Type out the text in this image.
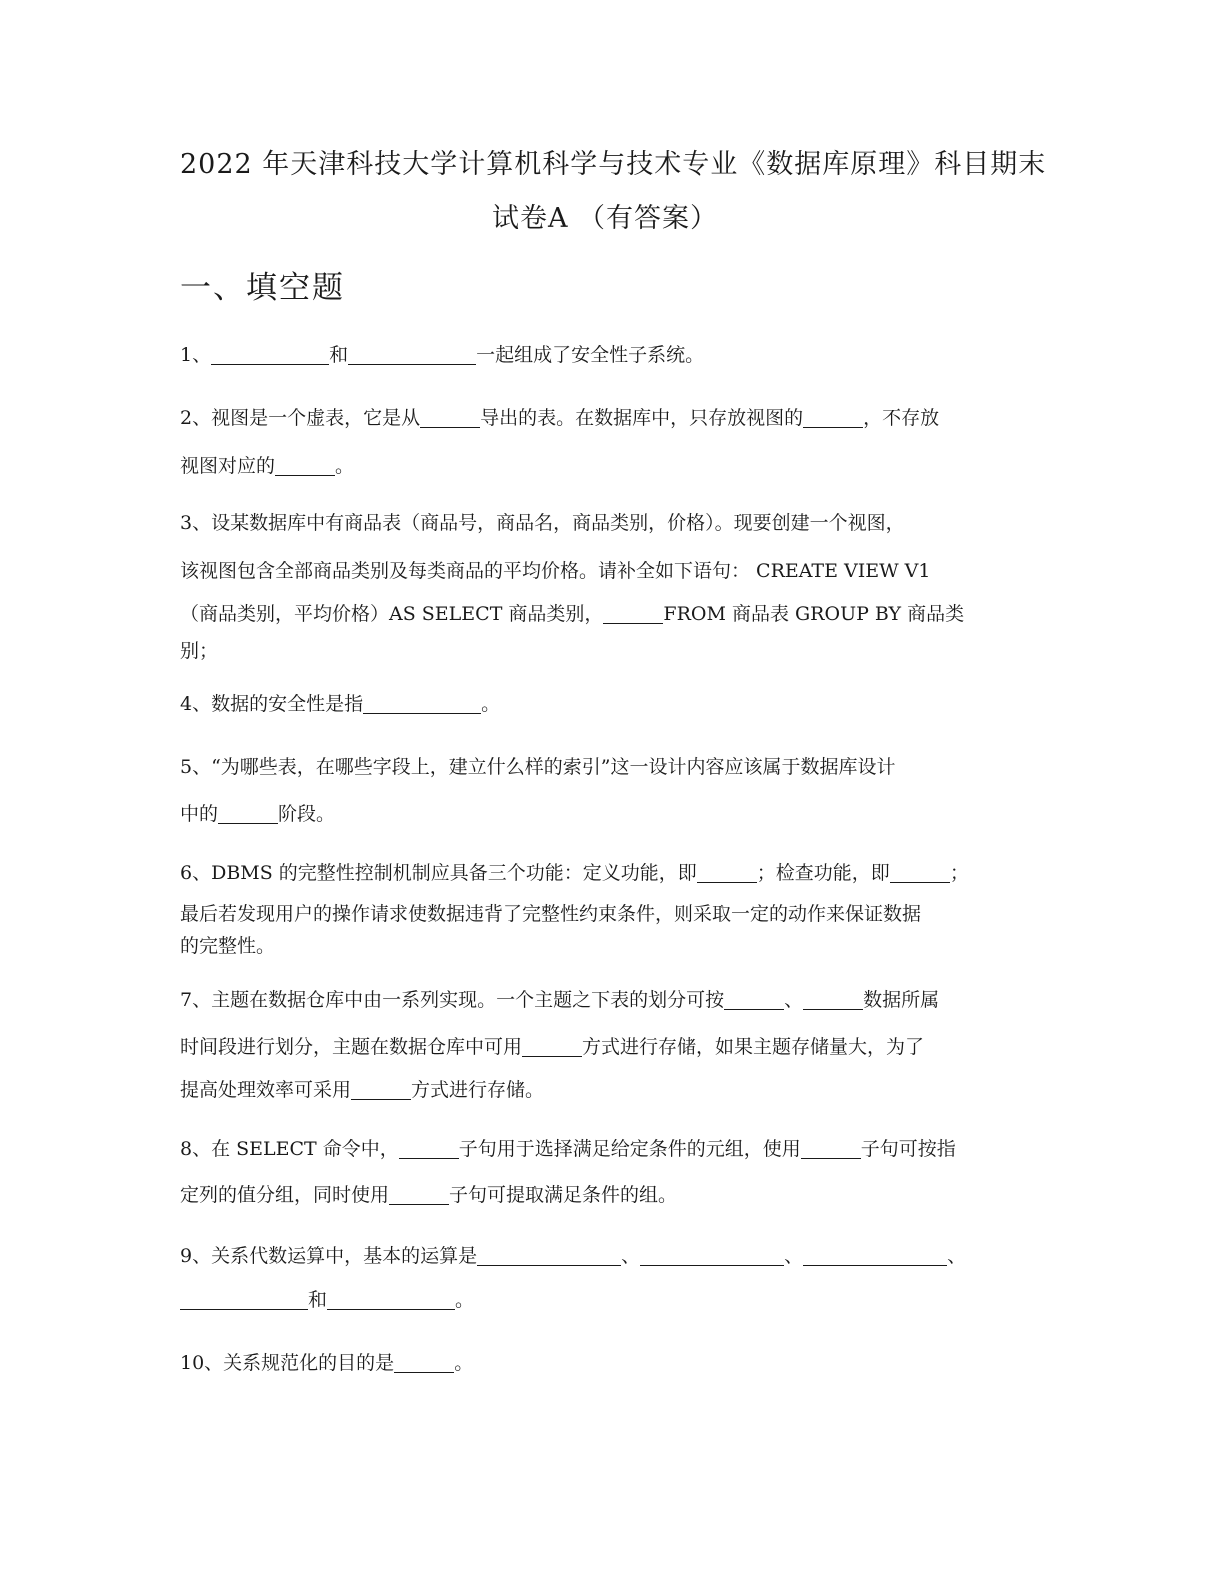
2022 年天津科技大学计算机科学与技术专业《数据库原理》科目期末
试卷A （有答案）
一、填空题
1、	和	一起组成了安全性子系统。
2、视图是一个虚表，它是从	导出的表。在数据库中，只存放视图的	，不存放
视图对应的	。
3、设某数据库中有商品表（商品号，商品名，商品类别，价格）。现要创建一个视图，
该视图包含全部商品类别及每类商品的平均价格。请补全如下语句： CREATE VIEW V1
（商品类别，平均价格）AS SELECT 商品类别，	FROM 商品表 GROUP BY 商品类
别；
4、数据的安全性是指	。
5、“为哪些表，在哪些字段上，建立什么样的索引”这一设计内容应该属于数据库设计
中的	阶段。
6、DBMS 的完整性控制机制应具备三个功能：定义功能，即	；检查功能，即	；
最后若发现用户的操作请求使数据违背了完整性约束条件，则采取一定的动作来保证数据
的完整性。
7、主题在数据仓库中由一系列实现。一个主题之下表的划分可按	、	数据所属
时间段进行划分，主题在数据仓库中可用	方式进行存储，如果主题存储量大，为了
提高处理效率可采用	方式进行存储。
8、在 SELECT 命令中，	子句用于选择满足给定条件的元组，使用	子句可按指
定列的值分组，同时使用	子句可提取满足条件的组。
9、关系代数运算中，基本的运算是	、	、	、
和	。
10、关系规范化的目的是	。
